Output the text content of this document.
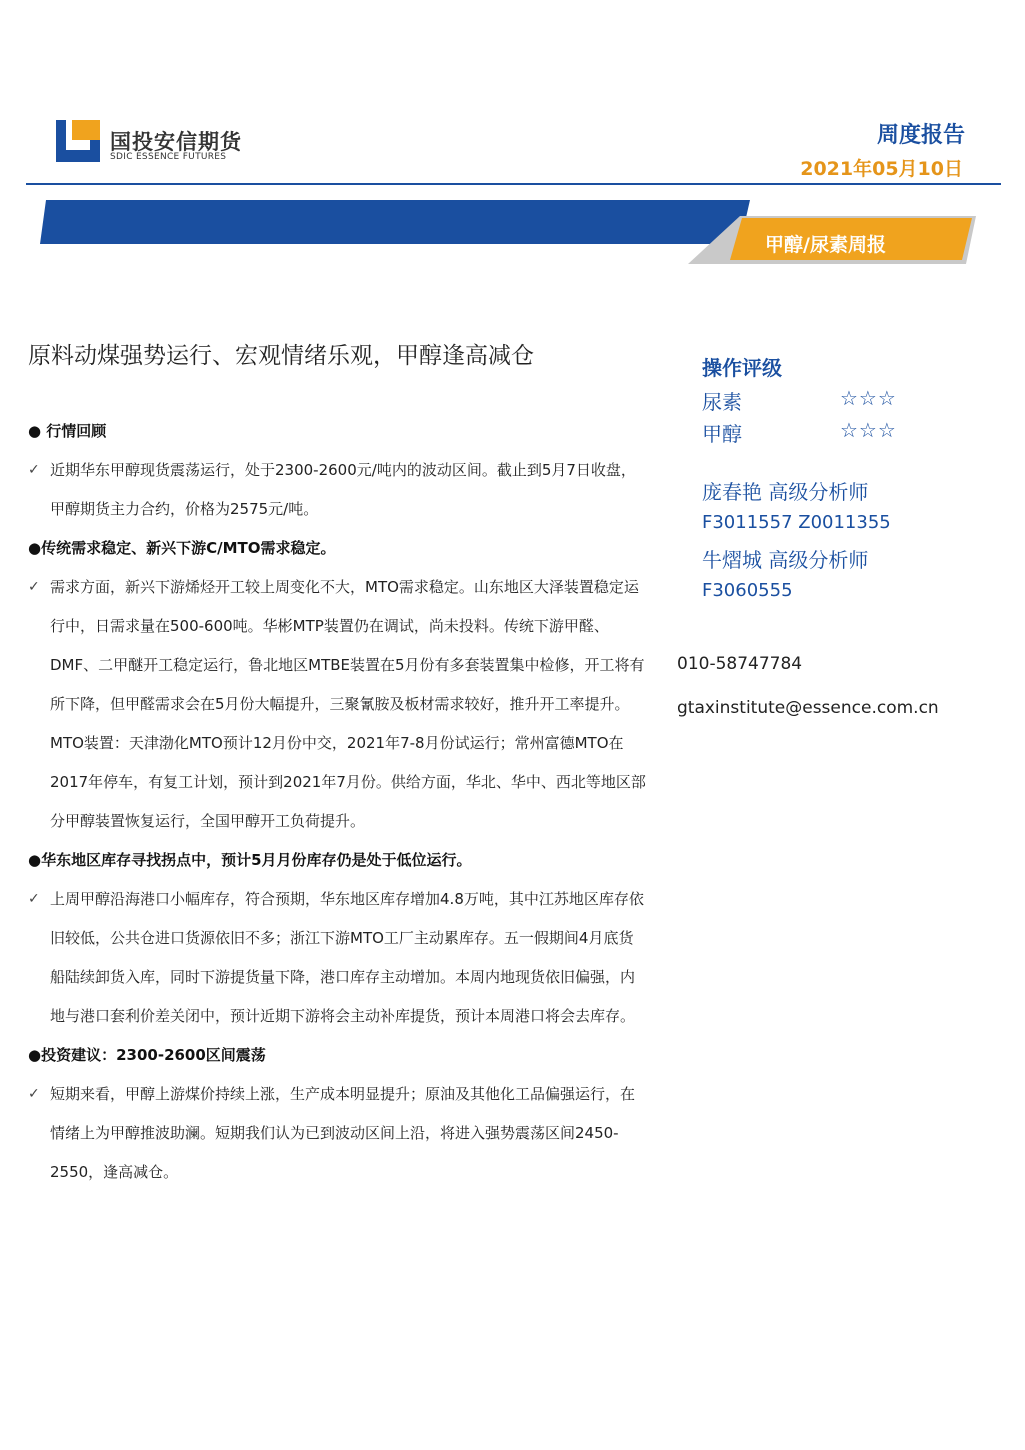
国投安信期货
SDIC ESSENCE FUTURES
周度报告
2021年05月10日
甲醇/尿素周报
原料动煤强势运行、宏观情绪乐观，甲醇逢高减仓

● 行情回顾

✓ 近期华东甲醇现货震荡运行，处于2300-2600元/吨内的波动区间。截止到5月7日收盘，甲醇期货主力合约，价格为2575元/吨。

●传统需求稳定、新兴下游C/MTO需求稳定。

✓ 需求方面，新兴下游烯烃开工较上周变化不大，MTO需求稳定。山东地区大泽装置稳定运行中，日需求量在500-600吨。华彬MTP装置仍在调试，尚未投料。传统下游甲醛、DMF、二甲醚开工稳定运行，鲁北地区MTBE装置在5月份有多套装置集中检修，开工将有所下降，但甲醛需求会在5月份大幅提升，三聚氰胺及板材需求较好，推升开工率提升。MTO装置：天津渤化MTO预计12月份中交，2021年7-8月份试运行；常州富德MTO在2017年停车，有复工计划，预计到2021年7月份。供给方面，华北、华中、西北等地区部分甲醇装置恢复运行，全国甲醇开工负荷提升。

●华东地区库存寻找拐点中，预计5月月份库存仍是处于低位运行。

✓ 上周甲醇沿海港口小幅库存，符合预期，华东地区库存增加4.8万吨，其中江苏地区库存依旧较低，公共仓进口货源依旧不多；浙江下游MTO工厂主动累库存。五一假期间4月底货船陆续卸货入库，同时下游提货量下降，港口库存主动增加。本周内地现货依旧偏强，内地与港口套利价差关闭中，预计近期下游将会主动补库提货，预计本周港口将会去库存。

●投资建议：2300-2600区间震荡

✓ 短期来看，甲醇上游煤价持续上涨，生产成本明显提升；原油及其他化工品偏强运行，在情绪上为甲醇推波助澜。短期我们认为已到波动区间上沿，将进入强势震荡区间2450-2550，逢高减仓。

操作评级
尿素	☆☆☆
甲醇	☆☆☆
庞春艳 高级分析师
F3011557 Z0011355
牛熠城 高级分析师
F3060555
010-58747784
gtaxinstitute@essence.com.cn
